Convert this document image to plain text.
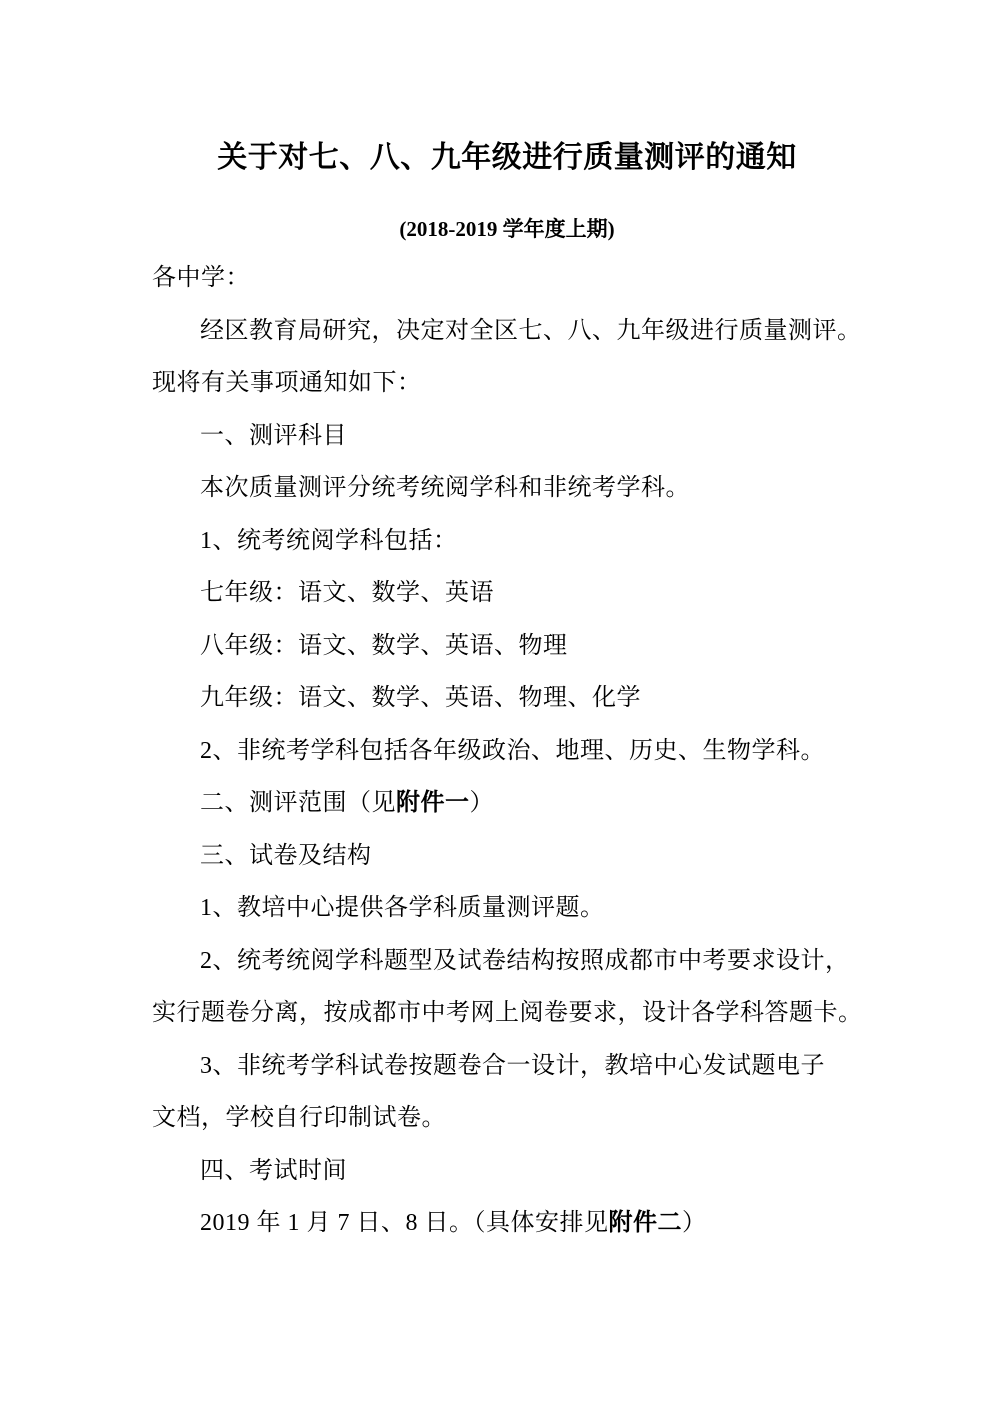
关于对七、八、九年级进行质量测评的通知
(2018-2019 学年度上期)
各中学：
经区教育局研究，决定对全区七、八、九年级进行质量测评。
现将有关事项通知如下：
一、测评科目
本次质量测评分统考统阅学科和非统考学科。
1、统考统阅学科包括：
七年级：语文、数学、英语
八年级：语文、数学、英语、物理
九年级：语文、数学、英语、物理、化学
2、非统考学科包括各年级政治、地理、历史、生物学科。
二、测评范围（见附件一）
三、试卷及结构
1、教培中心提供各学科质量测评题。
2、统考统阅学科题型及试卷结构按照成都市中考要求设计，
实行题卷分离，按成都市中考网上阅卷要求，设计各学科答题卡。
3、非统考学科试卷按题卷合一设计，教培中心发试题电子
文档，学校自行印制试卷。
四、考试时间
2019 年 1 月 7 日、8 日。（具体安排见附件二）
